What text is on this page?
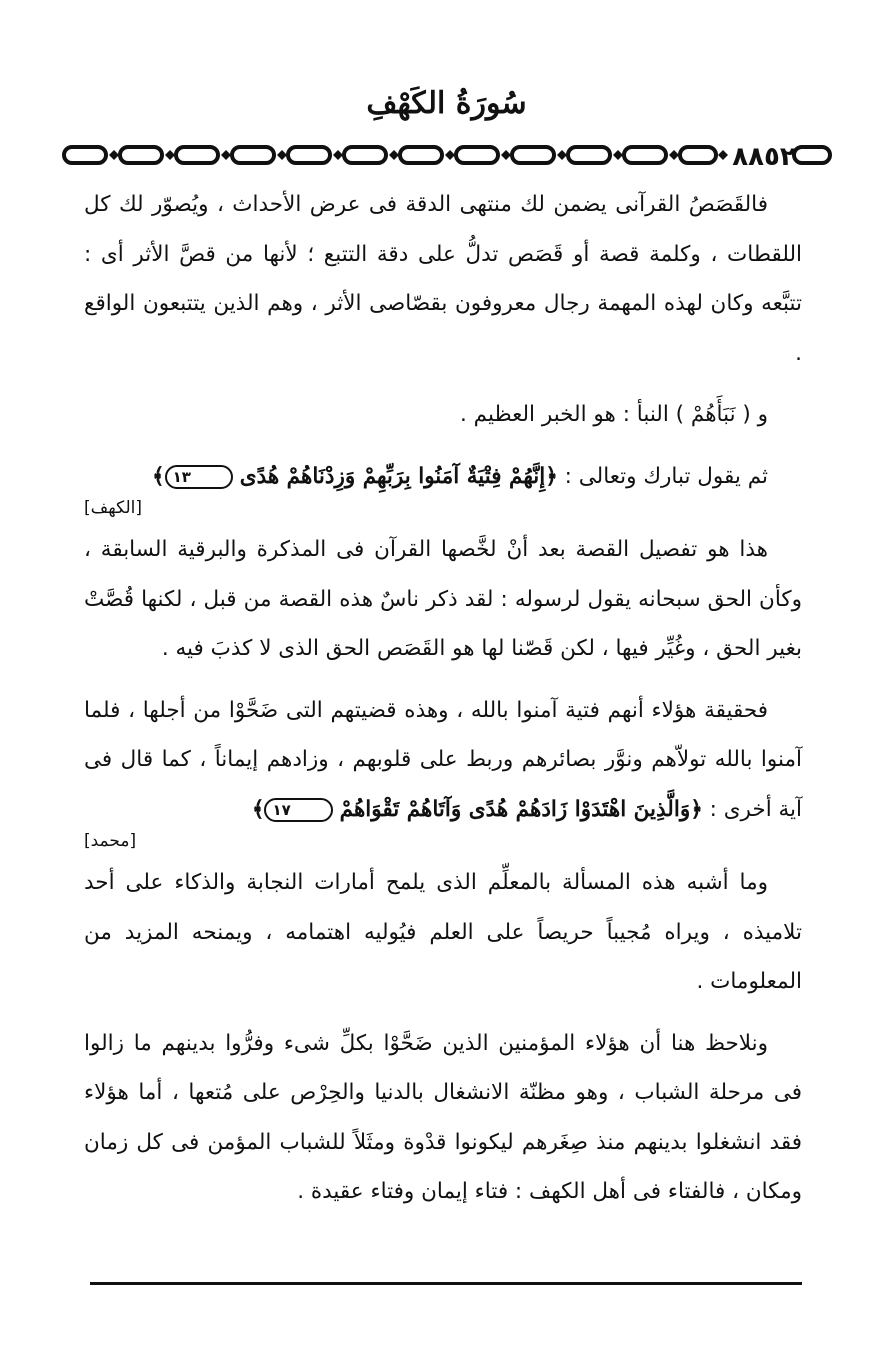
سُورَةُ الكَهْفِ
٨٨٥٢

فالقَصَصُ القرآنى يضمن لك منتهى الدقة فى عرض الأحداث ، ويُصوّر لك كل اللقطات ، وكلمة قصة أو قَصَص تدلُّ على دقة التتبع ؛ لأنها من قصَّ الأثر أى : تتبَّعه وكان لهذه المهمة رجال معروفون بقصّاصى الأثر ، وهم الذين يتتبعون الواقع .

و ( نَبَأَهُمْ ) النبأ : هو الخبر العظيم .

ثم يقول تبارك وتعالى : ﴿إِنَّهُمْ فِتْيَةٌ آمَنُوا بِرَبِّهِمْ وَزِدْنَاهُمْ هُدًى ١٣﴾
[الكهف]

هذا هو تفصيل القصة بعد أنْ لخَّصها القرآن فى المذكرة والبرقية السابقة ، وكأن الحق سبحانه يقول لرسوله : لقد ذكر ناسٌ هذه القصة من قبل ، لكنها قُصَّتْ بغير الحق ، وغُيِّر فيها ، لكن قَصّنا لها هو القَصَص الحق الذى لا كذبَ فيه .

فحقيقة هؤلاء أنهم فتية آمنوا بالله ، وهذه قضيتهم التى ضَحَّوْا من أجلها ، فلما آمنوا بالله تولاّهم ونوَّر بصائرهم وربط على قلوبهم ، وزادهم إيماناً ، كما قال فى آية أخرى : ﴿وَالَّذِينَ اهْتَدَوْا زَادَهُمْ هُدًى وَآتَاهُمْ تَقْوَاهُمْ ١٧﴾
[محمد]

وما أشبه هذه المسألة بالمعلِّم الذى يلمح أمارات النجابة والذكاء على أحد تلاميذه ، ويراه مُجيباً حريصاً على العلم فيُوليه اهتمامه ، ويمنحه المزيد من المعلومات .

ونلاحظ هنا أن هؤلاء المؤمنين الذين ضَحَّوْا بكلِّ شىء وفرُّوا بدينهم ما زالوا فى مرحلة الشباب ، وهو مظنّة الانشغال بالدنيا والحِرْص على مُتعها ، أما هؤلاء فقد انشغلوا بدينهم منذ صِغَرهم ليكونوا قدْوة ومثَلاً للشباب المؤمن فى كل زمان ومكان ، فالفتاء فى أهل الكهف : فتاء إيمان وفتاء عقيدة .
